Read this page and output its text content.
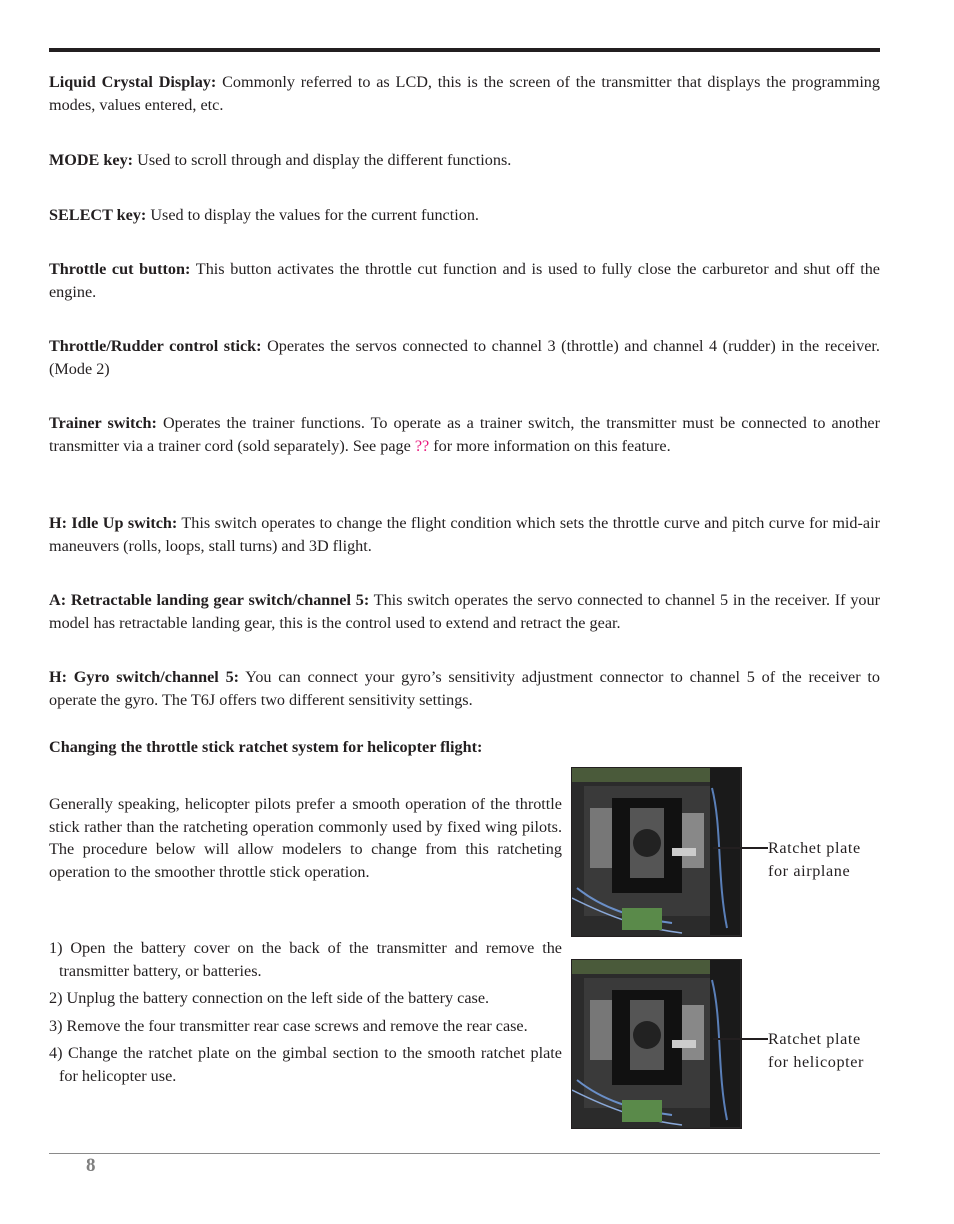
Liquid Crystal Display: Commonly referred to as LCD, this is the screen of the transmitter that displays the programming modes, values entered, etc.

MODE key: Used to scroll through and display the different functions.

SELECT key: Used to display the values for the current function.

Throttle cut button: This button activates the throttle cut function and is used to fully close the carburetor and shut off the engine.

Throttle/Rudder control stick: Operates the servos connected to channel 3 (throttle) and channel 4 (rudder) in the receiver. (Mode 2)

Trainer switch: Operates the trainer functions. To operate as a trainer switch, the transmitter must be connected to another transmitter via a trainer cord (sold separately). See page ?? for more information on this feature.

H: Idle Up switch: This switch operates to change the flight condition which sets the throttle curve and pitch curve for mid-air maneuvers (rolls, loops, stall turns) and 3D flight.

A: Retractable landing gear switch/channel 5: This switch operates the servo connected to channel 5 in the receiver. If your model has retractable landing gear, this is the control used to extend and retract the gear.

H: Gyro switch/channel 5: You can connect your gyro’s sensitivity adjustment connector to channel 5 of the receiver to operate the gyro. The T6J offers two different sensitivity settings.

Changing the throttle stick ratchet system for helicopter flight:

Generally speaking, helicopter pilots prefer a smooth operation of the throttle stick rather than the ratcheting operation commonly used by fixed wing pilots. The procedure below will allow modelers to change from this ratcheting operation to the smoother throttle stick operation.

1) Open the battery cover on the back of the transmitter and remove the transmitter battery, or batteries.
2) Unplug the battery connection on the left side of the battery case.
3) Remove the four transmitter rear case screws and remove the rear case.
4) Change the ratchet plate on the gimbal section to the smooth ratchet plate for helicopter use.
Ratchet plate
for airplane
Ratchet plate
for helicopter
8
